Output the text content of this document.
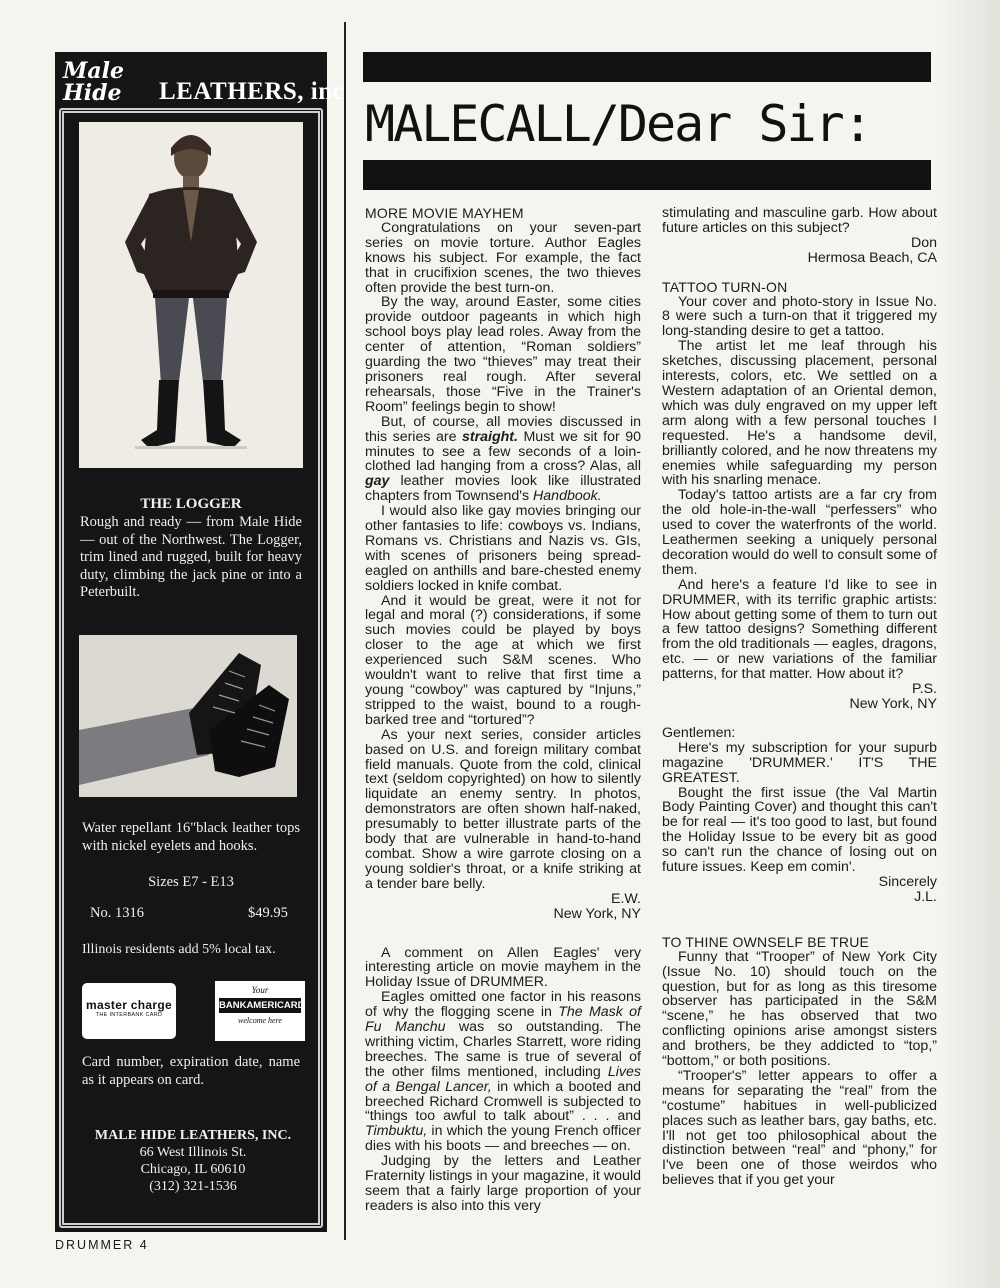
Male
Hide LEATHERS, inc
THE LOGGER
Rough and ready — from Male Hide — out of the Northwest. The Logger, trim lined and rugged, built for heavy duty, climbing the jack pine or into a Peterbuilt.
Water repellant 16"black leather tops with nickel eyelets and hooks.
Sizes E7 - E13
No. 1316	$49.95
Illinois residents add 5% local tax.
master charge
THE INTERBANK CARD
Your
BANKAMERICARD
welcome here
Card number, expiration date, name as it appears on card.
MALE HIDE LEATHERS, INC.
66 West Illinois St.
Chicago, IL 60610
(312) 321-1536
DRUMMER 4
MALECALL/Dear Sir:

MORE MOVIE MAYHEM

Congratulations on your seven-part series on movie torture. Author Eagles knows his subject. For example, the fact that in crucifixion scenes, the two thieves often provide the best turn-on.

By the way, around Easter, some cities provide outdoor pageants in which high school boys play lead roles. Away from the center of attention, “Roman soldiers” guarding the two “thieves” may treat their prisoners real rough. After several rehearsals, those “Five in the Trainer's Room” feelings begin to show!

But, of course, all movies discussed in this series are straight. Must we sit for 90 minutes to see a few seconds of a loin-clothed lad hanging from a cross? Alas, all gay leather movies look like illustrated chapters from Townsend's Handbook.

I would also like gay movies bringing our other fantasies to life: cowboys vs. Indians, Romans vs. Christians and Nazis vs. GIs, with scenes of prisoners being spread-eagled on anthills and bare-chested enemy soldiers locked in knife combat.

And it would be great, were it not for legal and moral (?) considerations, if some such movies could be played by boys closer to the age at which we first experienced such S&M scenes. Who wouldn't want to relive that first time a young “cowboy” was captured by “Injuns,” stripped to the waist, bound to a rough-barked tree and “tortured”?

As your next series, consider articles based on U.S. and foreign military combat field manuals. Quote from the cold, clinical text (seldom copyrighted) on how to silently liquidate an enemy sentry. In photos, demonstrators are often shown half-naked, presumably to better illustrate parts of the body that are vulnerable in hand-to-hand combat. Show a wire garrote closing on a young soldier's throat, or a knife striking at a tender bare belly.

E.W.

New York, NY

A comment on Allen Eagles' very interesting article on movie mayhem in the Holiday Issue of DRUMMER.

Eagles omitted one factor in his reasons of why the flogging scene in The Mask of Fu Manchu was so outstanding. The writhing victim, Charles Starrett, wore riding breeches. The same is true of several of the other films mentioned, including Lives of a Bengal Lancer, in which a booted and breeched Richard Cromwell is subjected to “things too awful to talk about” . . . and Timbuktu, in which the young French officer dies with his boots — and breeches — on.

Judging by the letters and Leather Fraternity listings in your magazine, it would seem that a fairly large proportion of your readers is also into this very

stimulating and masculine garb. How about future articles on this subject?

Don

Hermosa Beach, CA

TATTOO TURN-ON

Your cover and photo-story in Issue No. 8 were such a turn-on that it triggered my long-standing desire to get a tattoo.

The artist let me leaf through his sketches, discussing placement, personal interests, colors, etc. We settled on a Western adaptation of an Oriental demon, which was duly engraved on my upper left arm along with a few personal touches I requested. He's a handsome devil, brilliantly colored, and he now threatens my enemies while safeguarding my person with his snarling menace.

Today's tattoo artists are a far cry from the old hole-in-the-wall “perfessers” who used to cover the waterfronts of the world. Leathermen seeking a uniquely personal decoration would do well to consult some of them.

And here's a feature I'd like to see in DRUMMER, with its terrific graphic artists: How about getting some of them to turn out a few tattoo designs? Something different from the old traditionals — eagles, dragons, etc. — or new variations of the familiar patterns, for that matter. How about it?

P.S.

New York, NY

Gentlemen:

Here's my subscription for your supurb magazine 'DRUMMER.' IT'S THE GREATEST.

Bought the first issue (the Val Martin Body Painting Cover) and thought this can't be for real — it's too good to last, but found the Holiday Issue to be every bit as good so can't run the chance of losing out on future issues. Keep em comin'.

Sincerely

J.L.

TO THINE OWNSELF BE TRUE

Funny that “Trooper” of New York City (Issue No. 10) should touch on the question, but for as long as this tiresome observer has participated in the S&M “scene,” he has observed that two conflicting opinions arise amongst sisters and brothers, be they addicted to “top,” “bottom,” or both positions.

“Trooper's” letter appears to offer a means for separating the “real” from the “costume” habitues in well-publicized places such as leather bars, gay baths, etc. I'll not get too philosophical about the distinction between “real” and “phony,” for I've been one of those weirdos who believes that if you get your
